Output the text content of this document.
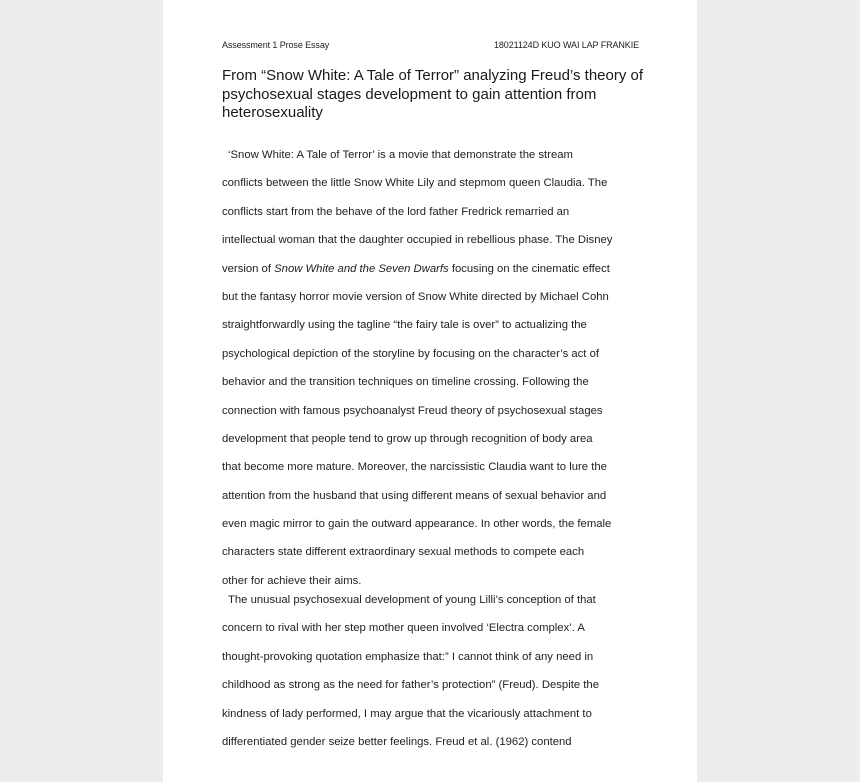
Assessment 1 Prose Essay	18021124D KUO WAI LAP FRANKIE
From “Snow White: A Tale of Terror” analyzing Freud’s theory of
psychosexual stages development to gain attention from
heterosexuality

‘Snow White: A Tale of Terror’ is a movie that demonstrate the stream
conflicts between the little Snow White Lily and stepmom queen Claudia. The
conflicts start from the behave of the lord father Fredrick remarried an
intellectual woman that the daughter occupied in rebellious phase. The Disney
version of Snow White and the Seven Dwarfs focusing on the cinematic effect
but the fantasy horror movie version of Snow White directed by Michael Cohn
straightforwardly using the tagline “the fairy tale is over” to actualizing the
psychological depiction of the storyline by focusing on the character’s act of
behavior and the transition techniques on timeline crossing. Following the
connection with famous psychoanalyst Freud theory of psychosexual stages
development that people tend to grow up through recognition of body area
that become more mature. Moreover, the narcissistic Claudia want to lure the
attention from the husband that using different means of sexual behavior and
even magic mirror to gain the outward appearance. In other words, the female
characters state different extraordinary sexual methods to compete each
other for achieve their aims.

The unusual psychosexual development of young Lilli’s conception of that
concern to rival with her step mother queen involved ‘Electra complex’. A
thought-provoking quotation emphasize that:” I cannot think of any need in
childhood as strong as the need for father’s protection” (Freud). Despite the
kindness of lady performed, I may argue that the vicariously attachment to
differentiated gender seize better feelings. Freud et al. (1962) contend
